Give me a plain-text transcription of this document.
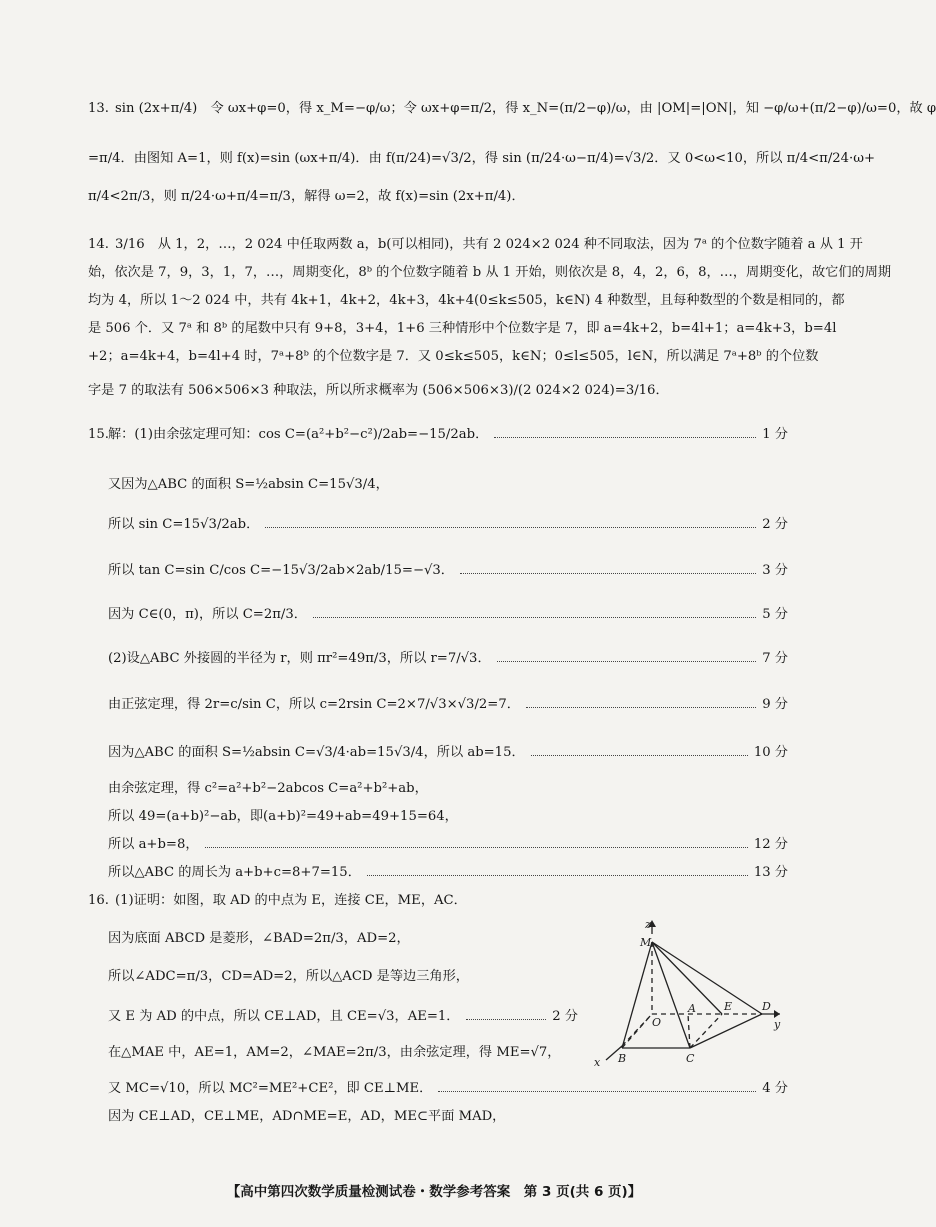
13. sin (2x+π/4)　令 ωx+φ=0，得 x_M=−φ/ω；令 ωx+φ=π/2，得 x_N=(π/2−φ)/ω，由 |OM|=|ON|，知 −φ/ω+(π/2−φ)/ω=0，故 φ
=π/4．由图知 A=1，则 f(x)=sin (ωx+π/4)．由 f(π/24)=√3/2，得 sin (π/24·ω−π/4)=√3/2．又 0<ω<10，所以 π/4<π/24·ω+
π/4<2π/3，则 π/24·ω+π/4=π/3，解得 ω=2，故 f(x)=sin (2x+π/4)．
14. 3/16　从 1，2，…，2 024 中任取两数 a，b(可以相同)，共有 2 024×2 024 种不同取法，因为 7ᵃ 的个位数字随着 a 从 1 开
始，依次是 7，9，3，1，7，…，周期变化，8ᵇ 的个位数字随着 b 从 1 开始，则依次是 8，4，2，6，8，…，周期变化，故它们的周期
均为 4，所以 1～2 024 中，共有 4k+1，4k+2，4k+3，4k+4(0≤k≤505，k∈N) 4 种数型，且每种数型的个数是相同的，都
是 506 个．又 7ᵃ 和 8ᵇ 的尾数中只有 9+8，3+4，1+6 三种情形中个位数字是 7，即 a=4k+2，b=4l+1；a=4k+3，b=4l
+2；a=4k+4，b=4l+4 时，7ᵃ+8ᵇ 的个位数字是 7．又 0≤k≤505，k∈N；0≤l≤505，l∈N，所以满足 7ᵃ+8ᵇ 的个位数
字是 7 的取法有 506×506×3 种取法，所以所求概率为 (506×506×3)/(2 024×2 024)=3/16．
15. 解：(1)由余弦定理可知：cos C=(a²+b²−c²)/2ab=−15/2ab．	1 分
又因为△ABC 的面积 S=½absin C=15√3/4，
所以 sin C=15√3/2ab．	2 分
所以 tan C=sin C/cos C=−15√3/2ab×2ab/15=−√3．	3 分
因为 C∈(0，π)，所以 C=2π/3．	5 分
(2)设△ABC 外接圆的半径为 r，则 πr²=49π/3，所以 r=7/√3．	7 分
由正弦定理，得 2r=c/sin C，所以 c=2rsin C=2×7/√3×√3/2=7．	9 分
因为△ABC 的面积 S=½absin C=√3/4·ab=15√3/4，所以 ab=15．	10 分
由余弦定理，得 c²=a²+b²−2abcos C=a²+b²+ab，
所以 49=(a+b)²−ab，即(a+b)²=49+ab=49+15=64，
所以 a+b=8，	12 分
所以△ABC 的周长为 a+b+c=8+7=15．	13 分
16. (1)证明：如图，取 AD 的中点为 E，连接 CE，ME，AC．
因为底面 ABCD 是菱形，∠BAD=2π/3，AD=2，
所以∠ADC=π/3，CD=AD=2，所以△ACD 是等边三角形，
又 E 为 AD 的中点，所以 CE⊥AD，且 CE=√3，AE=1．	2 分
在△MAE 中，AE=1，AM=2，∠MAE=2π/3，由余弦定理，得 ME=√7，
又 MC=√10，所以 MC²=ME²+CE²，即 CE⊥ME．	4 分
因为 CE⊥AD，CE⊥ME，AD∩ME=E，AD，ME⊂平面 MAD，
z
M
A	E	D
y
O
x B	C
【高中第四次数学质量检测试卷・数学参考答案　第 3 页(共 6 页)】
